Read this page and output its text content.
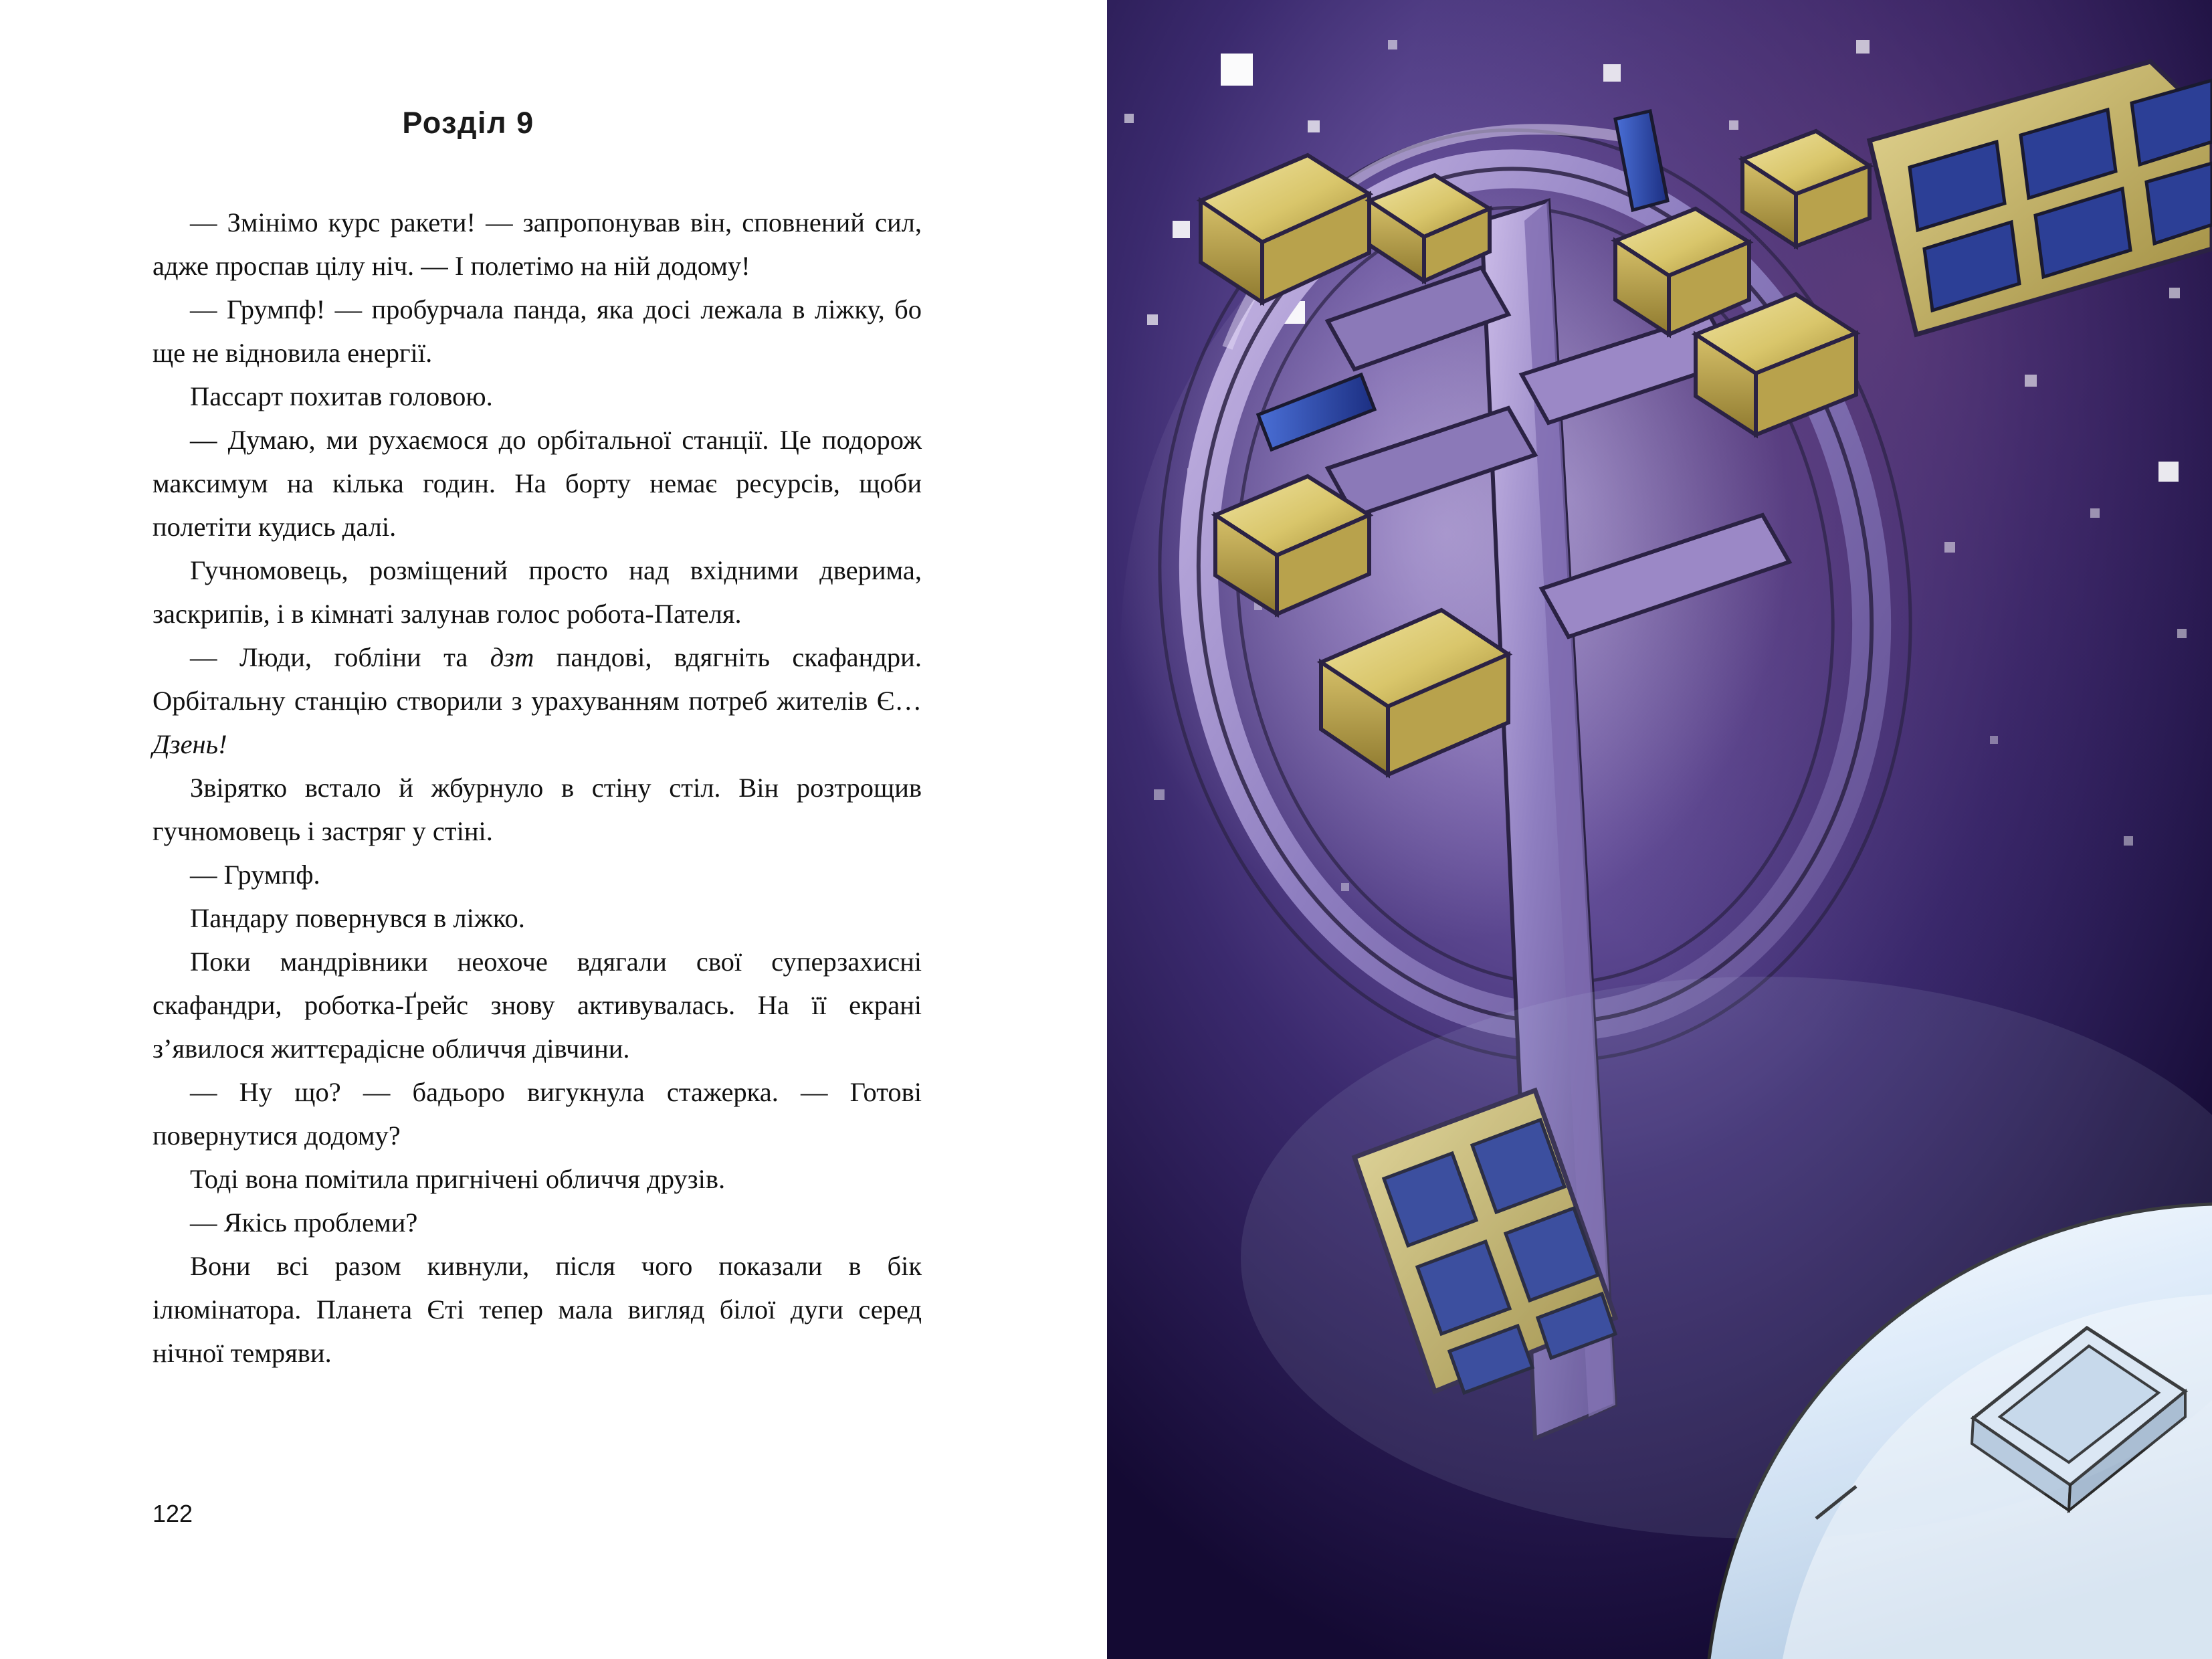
Розділ 9

— Змінімо курс ракети! — запропонував він, сповнений сил, адже проспав цілу ніч. — І полетімо на ній додому!

— Грумпф! — пробурчала панда, яка досі лежала в ліжку, бо ще не відновила енергії.

Пассарт похитав головою.

— Думаю, ми рухаємося до орбітальної станції. Це подорож максимум на кілька годин. На борту немає ресурсів, щоби полетіти кудись далі.

Гучномовець, розміщений просто над вхідними дверима, заскрипів, і в кімнаті залунав голос робота-Пателя.

— Люди, гобліни та дзт пандові, вдягніть скафандри. Орбітальну станцію створили з урахуванням потреб жителів Є… Дзень!

Звірятко встало й жбурнуло в стіну стіл. Він розтрощив гучномовець і застряг у стіні.

— Грумпф.

Пандару повернувся в ліжко.

Поки мандрівники неохоче вдягали свої суперзахисні скафандри, роботка-Ґрейс знову активувалась. На її екрані з’явилося життєрадісне обличчя дівчини.

— Ну що? — бадьоро вигукнула стажерка. — Готові повернутися додому?

Тоді вона помітила пригнічені обличчя друзів.

— Якісь проблеми?

Вони всі разом кивнули, після чого показали в бік ілюмінатора. Планета Єті тепер мала вигляд білої дуги серед нічної темряви.

122
